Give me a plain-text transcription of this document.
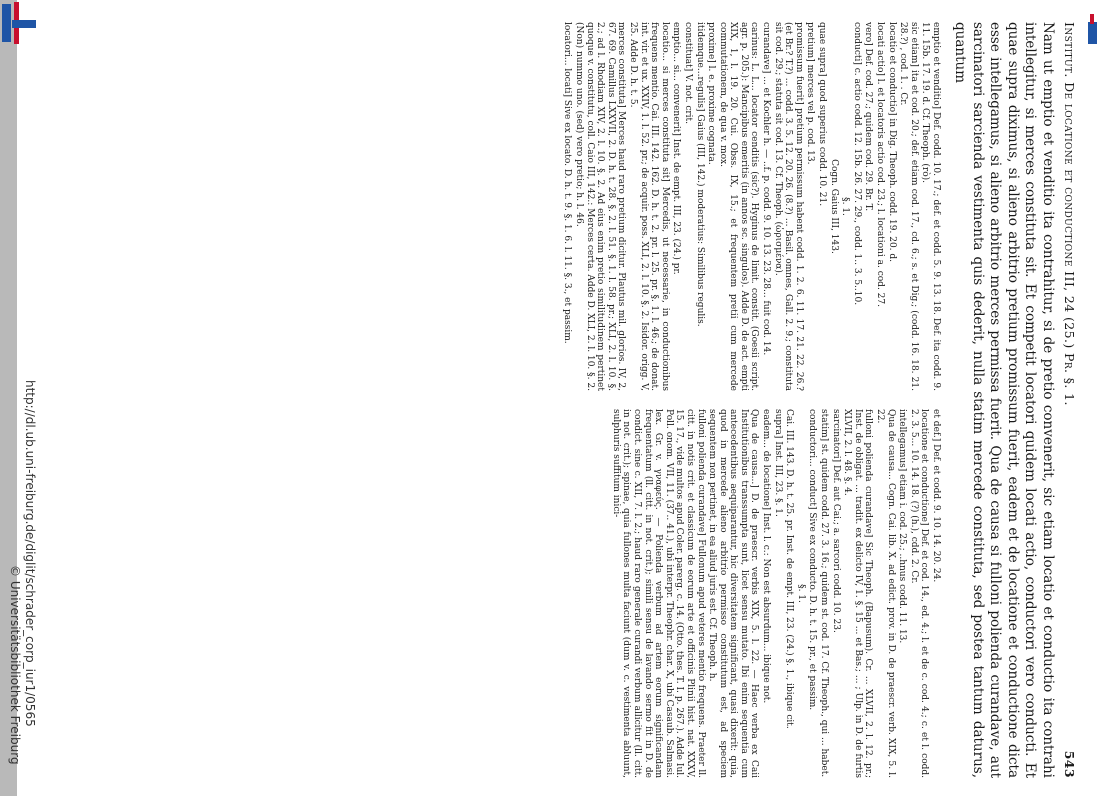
http://dl.ub.uni-freiburg.de/diglit/schrader_corp_iur1/0565
© Universitätsbibliothek Freiburg
Institut. De locatione et conductione III, 24 (25.) Pr. §. 1.
543

Nam ut emptio et venditio ita contrahitur, si de pretio convenerit, sic etiam locatio et conductio ita contrahi intellegitur, si merces constituta sit. Et competit locatori quidem locati actio, conductori vero conducti. Et quae supra diximus, si alieno arbitrio pretium promissum fuerit, eadem et de locatione et conductione dicta esse intellegamus, si alieno arbitrio merces permissa fuerit. Qua de causa si fulloni polienda curandave, aut sarcinatori sarcienda vestimenta quis dederit, nulla statim mercede constituta, sed postea tantum daturus, quantum

emptio et venditio] Def. codd. 10. 17.; def. et codd. 5. 9. 13. 18. Def. ita codd. 9. 11. 15b. 17. 19. d. Cf. Theoph. (rò).

sic etiam] ita et cod. 20.; def. etiam cod. 17., cd. 6.; s. et Dig.; (codd. 16. 18. 21. 28.?) , cod. 1. . Cr.

locatio et conductio] in Dig. Theoph. codd. 19. 20. d.

locati actio] l. et locatoris actio cod. 23.; l. locationi a. cod. 27.

vero] Def. cod. 27.; quidem cod. 29. Br. T.

conducti] c. actio codd. 12. 15b. 26. 27. 29., codd. 1.. 3. 5..10.

§. 1.

Cogn. Gaius III, 143.

quae supra] quod superius codd. 10. 21.

pretium] merces vel p. cod. 13.

promissum fuerit] pretium permissum habent codd. 1. 2. 6. 11. 17. 21. 22. 26.? (et Br.? T.?) ... codd. 3. 5. 12. 20. 26. (8.?) ... Basil. omnes, Gall. 2. 9.; constituta sit cod. 29.; statuta sit cod. 13. Cf. Theoph. (ὡρισμένα).

curandave] ... et Kochler h. — ..f. p. codd. 9. 10. 13. 23. 28... fuit cod. 14.

carinus: L. L... locator cenditis (sic?). Hyginus de limit. constit. (Goesii script. agr. p. 205.): Mancipibus emeritis (in annos sc. singulos). Adde D. de act. empti XIX, 1, l. 19. 20. Cui. Obss. IX, 15.; et frequentem pretii cum mercede commutationem, de qua v. mox.

proxime] l. e. proxime cognata.

itidemque...regulis] Gaius (III, 142.) moderatius: Similibus regulis.

constituat] V. not. crit.

emptio... si... convenerit] Inst. de empt. III, 23. (24.) pr.

locatio... si merces constituta sit] Mercedis, ut necessarie, in conductionibus frequens mentio. Cai. III. 142. 162. D. h. t. 2. pr. l. 25. pr. §. 1. l. 46.; de donat. int. vir. et ux. XXIV, 1. l. 52. pr.; de acquir. poss. XLI, 2. l. 10. §. 2. Isidor. origg. V, 25. Adde D. h. t. 5.

merces constituta] Merces haud raro pretium dicitur. Plautus mil. glorios. IV, 2, 67. 69. Camillus LXXVII, 2. D. h. t. 28. §. 2. l. 51. §. 1. l. 58. pr.; XLI, 2. l. 10. §. 2.; ad l. Rhodiam XIV, 2. l. 10. §. 2. Ad eius enim pretio similitudinem pertinet quoque v. constitutu, coll. Caio III, 142.: Merces certa. Adde D. XLI, 2. l. 10. §. 2. (Non) nummo uno. (sed) vero pretio; h. l. 46.

locatori... locati] Sive ex locato. D. h. t. 9. §. 1. 6. l. 11. §. 3., et passim.

et def.] Def. et codd. 9. 10. 14. 20. 24.

locatione et conductione] Def. et cod. 14., ed. 4.; l. et de c. cod. 4.; c. et l. codd. 2. 3. 5... 10. 14. 18. (?) (h.), cdd. 2. Cr.

intellegamus] etiam i. cod. 25.; ..hnus codd. 11. 13.

Qua de causa... Cogn. Cai. lib. X. ad edict. prov. in D. de praescr. verb. XIX, 5. l. 22.

fulloni polienda curandave] Sic Theoph. (Bapusum). Cr. ... XLVII, 2. l. 12. pr.; Inst. de obligat. ... tradit. ex delicto IV, 1. §. 15 ... et Bas.; ... ; Ulp. in D. de furtis XLVII, 2. l. 48. §. 4.

sarcinatori] Def. aut Cai.; a. sarcori codd. 10. 23.

statim] st. quidem codd. 27. 3. 16.; quidem st. cod. 17. Cf. Theoph., qui ... habet.

conductori... conduct] Sive ex conducto. D. h. t. 15. pr., et passim.

§. 1.

Cai. III. 143. D. h. t. 25. pr. Inst. de empt. III, 23. (24.) §. 1., ibique cit.

supra] Inst. III, 23. §. 1.

eadem... de locatione] Inst. l. c.: Non est absurdum... ibique not.

Qua de causa...] D. de praescr. verbis XIX, 5. l. 22. — Haec verba ex Caii Institutionibus transsumpta sunt, licet sensu mutato. Ibi enim sequentia cum antecedentibus aequiparantur, hic diversitatem significant, quasi dixerit: quia, quod in mercede alieno arbitrio permisso constitutum est, ad speciem sequentem non pertinet, in ea aliud juris est. Cf. Theoph. h.

fulloni polienda curandave] Fullonum apud veteres mentio frequens. Praeter ll. citt. in notis crit. et classicum de eorum arte et officinis Plinii hist. nat. XXXV, 15. 17., vide multos apud Coler. parerg. c. 14. (Otto. thes. T. I. p. 267.). Adde Iul. Poll. onom. VII, 11. (37.. 41.), ubi interpr. Theophr. char. X, ubi Casaub. Salmasi. lex. Gr. v. γναφεύς. — Polienda verbum ad artem eorum significandam frequentatum (ll. citt. in not. crit.); simili sensu de lavando sermo fit in D. de condict. sine c. XII, 7. l. 2.; haud raro generale curandi verbum allicitur (ll. citt. in not. crit.); spinae, quia fullones multa faciunt (dum v. c. vestimenta abluunt, sulphuris suffitum inici-
